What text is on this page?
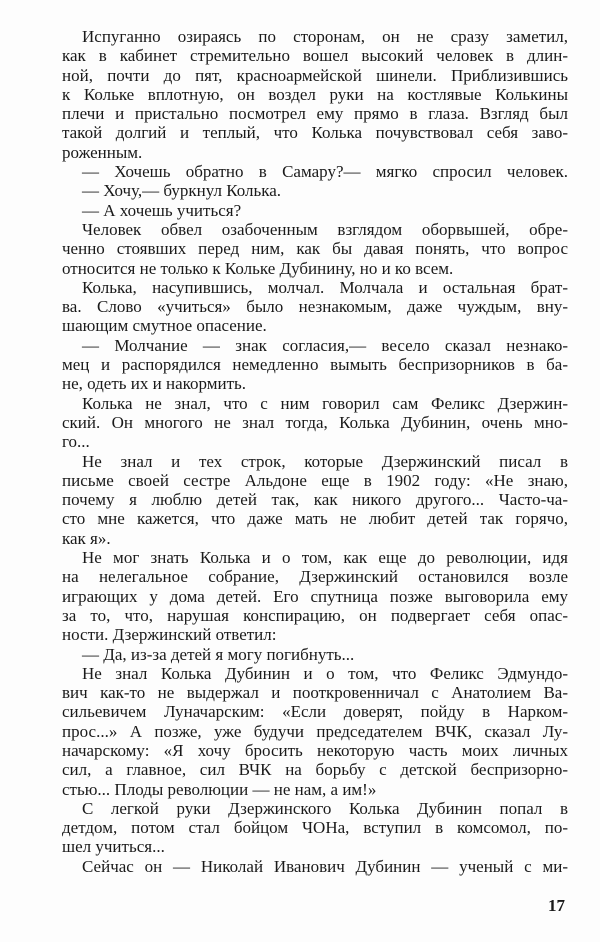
Испуганно озираясь по сторонам, он не сразу заметил,
как в кабинет стремительно вошел высокий человек в длин-
ной, почти до пят, красноармейской шинели. Приблизившись
к Кольке вплотную, он воздел руки на костлявые Колькины
плечи и пристально посмотрел ему прямо в глаза. Взгляд был
такой долгий и теплый, что Колька почувствовал себя заво-
роженным.
— Хочешь обратно в Самару?— мягко спросил человек.
— Хочу,— буркнул Колька.
— А хочешь учиться?
Человек обвел озабоченным взглядом оборвышей, обре-
ченно стоявших перед ним, как бы давая понять, что вопрос
относится не только к Кольке Дубинину, но и ко всем.
Колька, насупившись, молчал. Молчала и остальная брат-
ва. Слово «учиться» было незнакомым, даже чуждым, вну-
шающим смутное опасение.
— Молчание — знак согласия,— весело сказал незнако-
мец и распорядился немедленно вымыть беспризорников в ба-
не, одеть их и накормить.
Колька не знал, что с ним говорил сам Феликс Дзержин-
ский. Он многого не знал тогда, Колька Дубинин, очень мно-
го...
Не знал и тех строк, которые Дзержинский писал в
письме своей сестре Альдоне еще в 1902 году: «Не знаю,
почему я люблю детей так, как никого другого... Часто-ча-
сто мне кажется, что даже мать не любит детей так горячо,
как я».
Не мог знать Колька и о том, как еще до революции, идя
на нелегальное собрание, Дзержинский остановился возле
играющих у дома детей. Его спутница позже выговорила ему
за то, что, нарушая конспирацию, он подвергает себя опас-
ности. Дзержинский ответил:
— Да, из-за детей я могу погибнуть...
Не знал Колька Дубинин и о том, что Феликс Эдмундо-
вич как-то не выдержал и пооткровенничал с Анатолием Ва-
сильевичем Луначарским: «Если доверят, пойду в Нарком-
прос...» А позже, уже будучи председателем ВЧК, сказал Лу-
начарскому: «Я хочу бросить некоторую часть моих личных
сил, а главное, сил ВЧК на борьбу с детской беспризорно-
стью... Плоды революции — не нам, а им!»
С легкой руки Дзержинского Колька Дубинин попал в
детдом, потом стал бойцом ЧОНа, вступил в комсомол, по-
шел учиться...
Сейчас он — Николай Иванович Дубинин — ученый с ми-
17
